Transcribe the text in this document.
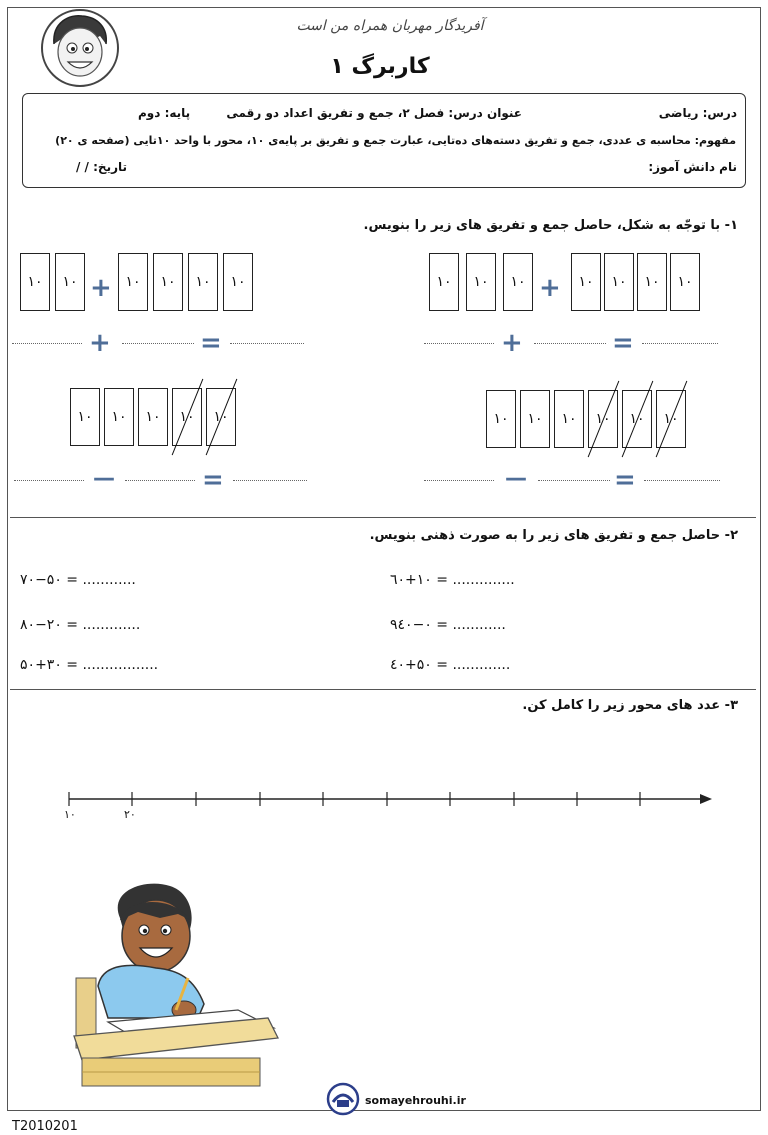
آفریدگار مهربان همراه من است
کاربرگ ۱
درس: ریاضی
عنوان درس: فصل ۲، جمع و تفریق اعداد دو رقمی
پایه: دوم
مفهوم: محاسبه ی عددی، جمع و تفریق دسته‌های ده‌تایی، عبارت جمع و تفریق بر پایه‌ی ۱۰، محور با واحد ۱۰تایی (صفحه ی ۲۰)
نام دانش آموز:
تاریخ: / /
۱- با توجّه به شکل، حاصل جمع و تفریق های زیر را بنویس.
۱۰	۱۰	۱۰ +	۱۰	۱۰	۱۰	۱۰
+	=
۱۰	۱۰ + ۱۰	۱۰	۱۰	۱۰
+	=
۱۰	۱۰	۱۰	۱۰	۱۰	۱۰
—	=
۱۰	۱۰	۱۰	۱۰	۱۰
—	=
۲- حاصل جمع و تفریق های زیر را به صورت ذهنی بنویس.
٦٠+۱٠ = ..............
۷٠−۵٠ = ............
۹٠−٤٠ = ............
۸٠−۲٠ = .............
٤٠+۵٠ = .............
۵٠+۳٠ = .................
۳- عدد های محور زیر را کامل کن.
۱٠	۲٠
somayehrouhi.ir
T2010201
